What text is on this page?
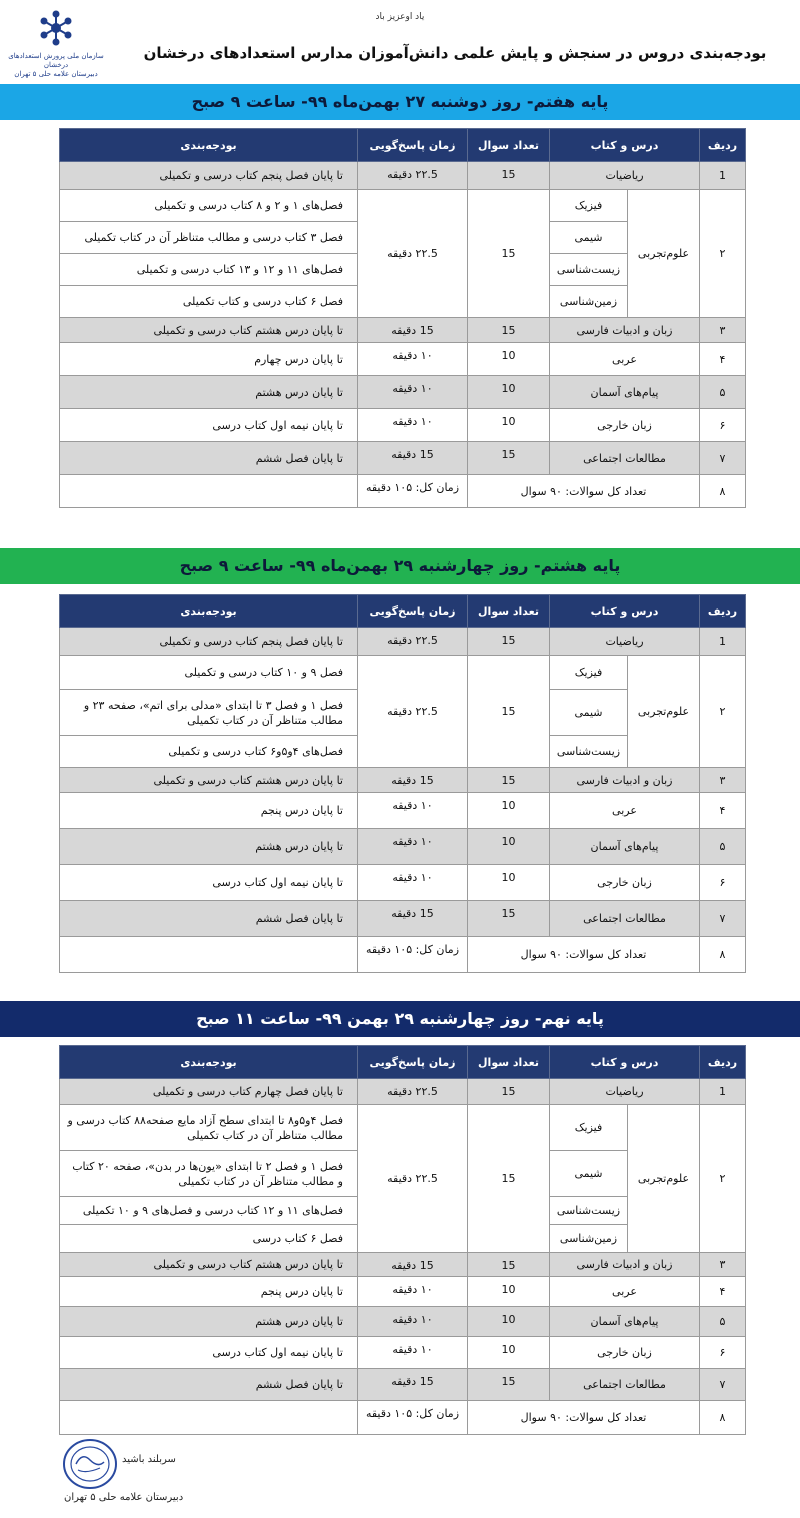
سازمان ملی پرورش استعدادهای درخشان
دبیرستان علامه حلی ۵ تهران
یاد اوعزیز باد
بودجه‌بندی دروس در سنجش و پایش علمی دانش‌آموزان مدارس استعدادهای درخشان
پایه هفتم- روز دوشنبه ۲۷ بهمن‌ماه ۹۹- ساعت ۹ صبح
ردیف	درس و کتاب		تعداد سوال	زمان پاسخ‌گویی	بودجه‌بندی
1	ریاضیات		15	۲۲.5 دقیقه	تا پایان فصل پنجم کتاب درسی و تکمیلی
۲	علوم‌تجربی	فیزیک	15	۲۲.5 دقیقه	فصل‌های ۱ و ۲ و ۸ کتاب درسی و تکمیلی
		شیمی			فصل ۳ کتاب درسی و مطالب متناظر آن در کتاب تکمیلی
		زیست‌شناسی			فصل‌های ۱۱ و ۱۲ و ۱۳ کتاب درسی و تکمیلی
		زمین‌شناسی			فصل ۶ کتاب درسی و کتاب تکمیلی
۳	زبان و ادبیات فارسی		15	15 دقیقه	تا پایان درس هشتم کتاب درسی و تکمیلی
۴	عربی		10	۱۰ دقیقه	تا پایان درس چهارم
۵	پیام‌های آسمان		10	۱۰ دقیقه	تا پایان درس هشتم
۶	زبان خارجی		10	۱۰ دقیقه	تا پایان نیمه اول کتاب درسی
۷	مطالعات اجتماعی		15	15 دقیقه	تا پایان فصل ششم
۸	تعداد کل سوالات: ۹۰ سوال			زمان کل: ۱۰۵ دقیقه	
پایه هشتم- روز چهارشنبه ۲۹ بهمن‌ماه ۹۹- ساعت ۹ صبح
ردیف	درس و کتاب		تعداد سوال	زمان پاسخ‌گویی	بودجه‌بندی
1	ریاضیات		15	۲۲.5 دقیقه	تا پایان فصل پنجم کتاب درسی و تکمیلی
۲	علوم‌تجربی	فیزیک	15	۲۲.5 دقیقه	فصل ۹ و ۱۰ کتاب درسی و تکمیلی
		شیمی			فصل ۱ و فصل ۳ تا ابتدای «مدلی برای اتم»، صفحه ۲۳ و مطالب متناظر آن در کتاب تکمیلی
		زیست‌شناسی			فصل‌های ۴و۵و۶ کتاب درسی و تکمیلی
۳	زبان و ادبیات فارسی		15	15 دقیقه	تا پایان درس هشتم کتاب درسی و تکمیلی
۴	عربی		10	۱۰ دقیقه	تا پایان درس پنجم
۵	پیام‌های آسمان		10	۱۰ دقیقه	تا پایان درس هشتم
۶	زبان خارجی		10	۱۰ دقیقه	تا پایان نیمه اول کتاب درسی
۷	مطالعات اجتماعی		15	15 دقیقه	تا پایان فصل ششم
۸	تعداد کل سوالات: ۹۰ سوال			زمان کل: ۱۰۵ دقیقه	
پایه نهم- روز چهارشنبه ۲۹ بهمن ۹۹- ساعت ۱۱ صبح
ردیف	درس و کتاب		تعداد سوال	زمان پاسخ‌گویی	بودجه‌بندی
1	ریاضیات		15	۲۲.5 دقیقه	تا پایان فصل چهارم کتاب درسی و تکمیلی
۲	علوم‌تجربی	فیزیک	15	۲۲.5 دقیقه	فصل ۴و۵و۸ تا ابتدای سطح آزاد مایع صفحه۸۸ کتاب درسی و مطالب متناظر آن در کتاب تکمیلی
		شیمی			فصل ۱ و فصل ۲ تا ابتدای «یون‌ها در بدن»، صفحه ۲۰ کتاب و مطالب متناظر آن در کتاب تکمیلی
		زیست‌شناسی			فصل‌های ۱۱ و ۱۲ کتاب درسی و فصل‌های ۹ و ۱۰ تکمیلی
		زمین‌شناسی			فصل ۶ کتاب درسی
۳	زبان و ادبیات فارسی		15	15 دقیقه	تا پایان درس هشتم کتاب درسی و تکمیلی
۴	عربی		10	۱۰ دقیقه	تا پایان درس پنجم
۵	پیام‌های آسمان		10	۱۰ دقیقه	تا پایان درس هشتم
۶	زبان خارجی		10	۱۰ دقیقه	تا پایان نیمه اول کتاب درسی
۷	مطالعات اجتماعی		15	15 دقیقه	تا پایان فصل ششم
۸	تعداد کل سوالات: ۹۰ سوال			زمان کل: ۱۰۵ دقیقه	
سربلند باشید
دبیرستان علامه حلی ۵ تهران
